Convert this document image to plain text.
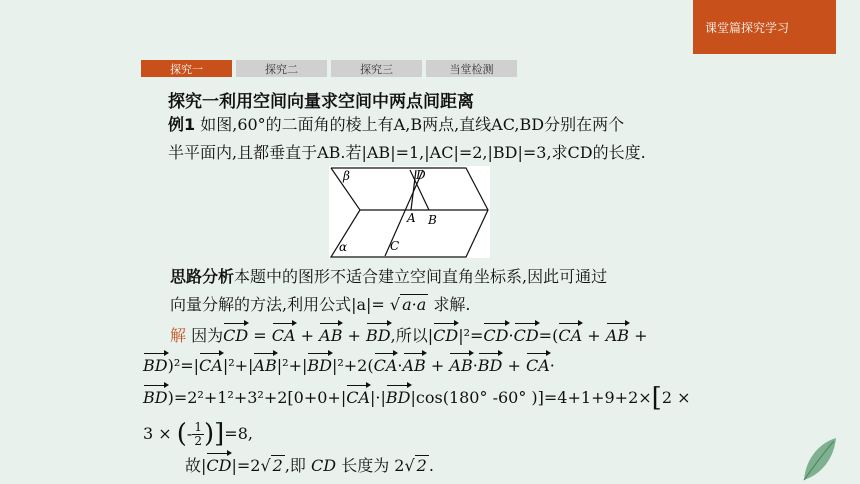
课堂篇探究学习
探究一	探究二	探究三	当堂检测
探究一利用空间向量求空间中两点间距离
例1 如图,60°的二面角的棱上有A,B两点,直线AC,BD分别在两个
半平面内,且都垂直于AB.若|AB|=1,|AC|=2,|BD|=3,求CD的长度.
β	D
A B
C
α
思路分析本题中的图形不适合建立空间直角坐标系,因此可通过
向量分解的方法,利用公式|a|= √ a·a 求解.
解 因为CD = CA + AB + BD,所以|CD|²=CD·CD=(CA + AB +
BD)²=|CA|²+|AB|²+|BD|²+2(CA·AB + AB·BD + CA·
BD)=2²+1²+3²+2[0+0+|CA|·|BD|cos(180° -60° )]=4+1+9+2×[2 ×
3 × (- $\frac{1}{2} )]=8$,
故|CD|=2√ 2 ,即 CD 长度为 2√ 2 .
